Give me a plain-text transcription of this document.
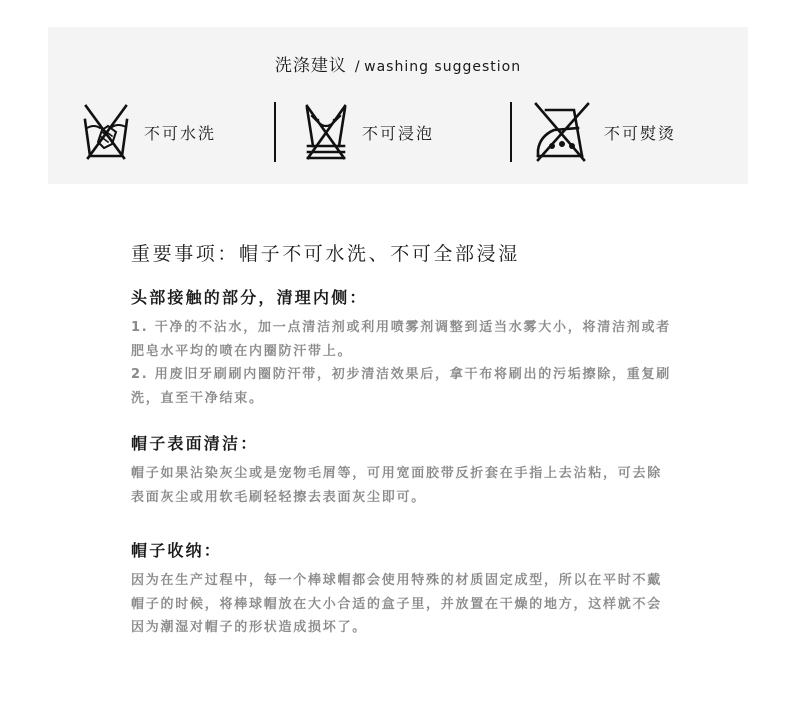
洗涤建议 / washing suggestion
不可水洗	不可浸泡	不可熨烫
重要事项：帽子不可水洗、不可全部浸湿
头部接触的部分，清理内侧：

1. 干净的不沾水，加一点清洁剂或利用喷雾剂调整到适当水雾大小，将清洁剂或者肥皂水平均的喷在内圈防汗带上。

2. 用废旧牙刷刷内圈防汗带，初步清洁效果后，拿干布将刷出的污垢擦除，重复刷洗，直至干净结束。

帽子表面清洁：

帽子如果沾染灰尘或是宠物毛屑等，可用宽面胶带反折套在手指上去沾粘，可去除表面灰尘或用软毛刷轻轻擦去表面灰尘即可。

帽子收纳：

因为在生产过程中，每一个棒球帽都会使用特殊的材质固定成型，所以在平时不戴帽子的时候，将棒球帽放在大小合适的盒子里，并放置在干燥的地方，这样就不会因为潮湿对帽子的形状造成损坏了。
